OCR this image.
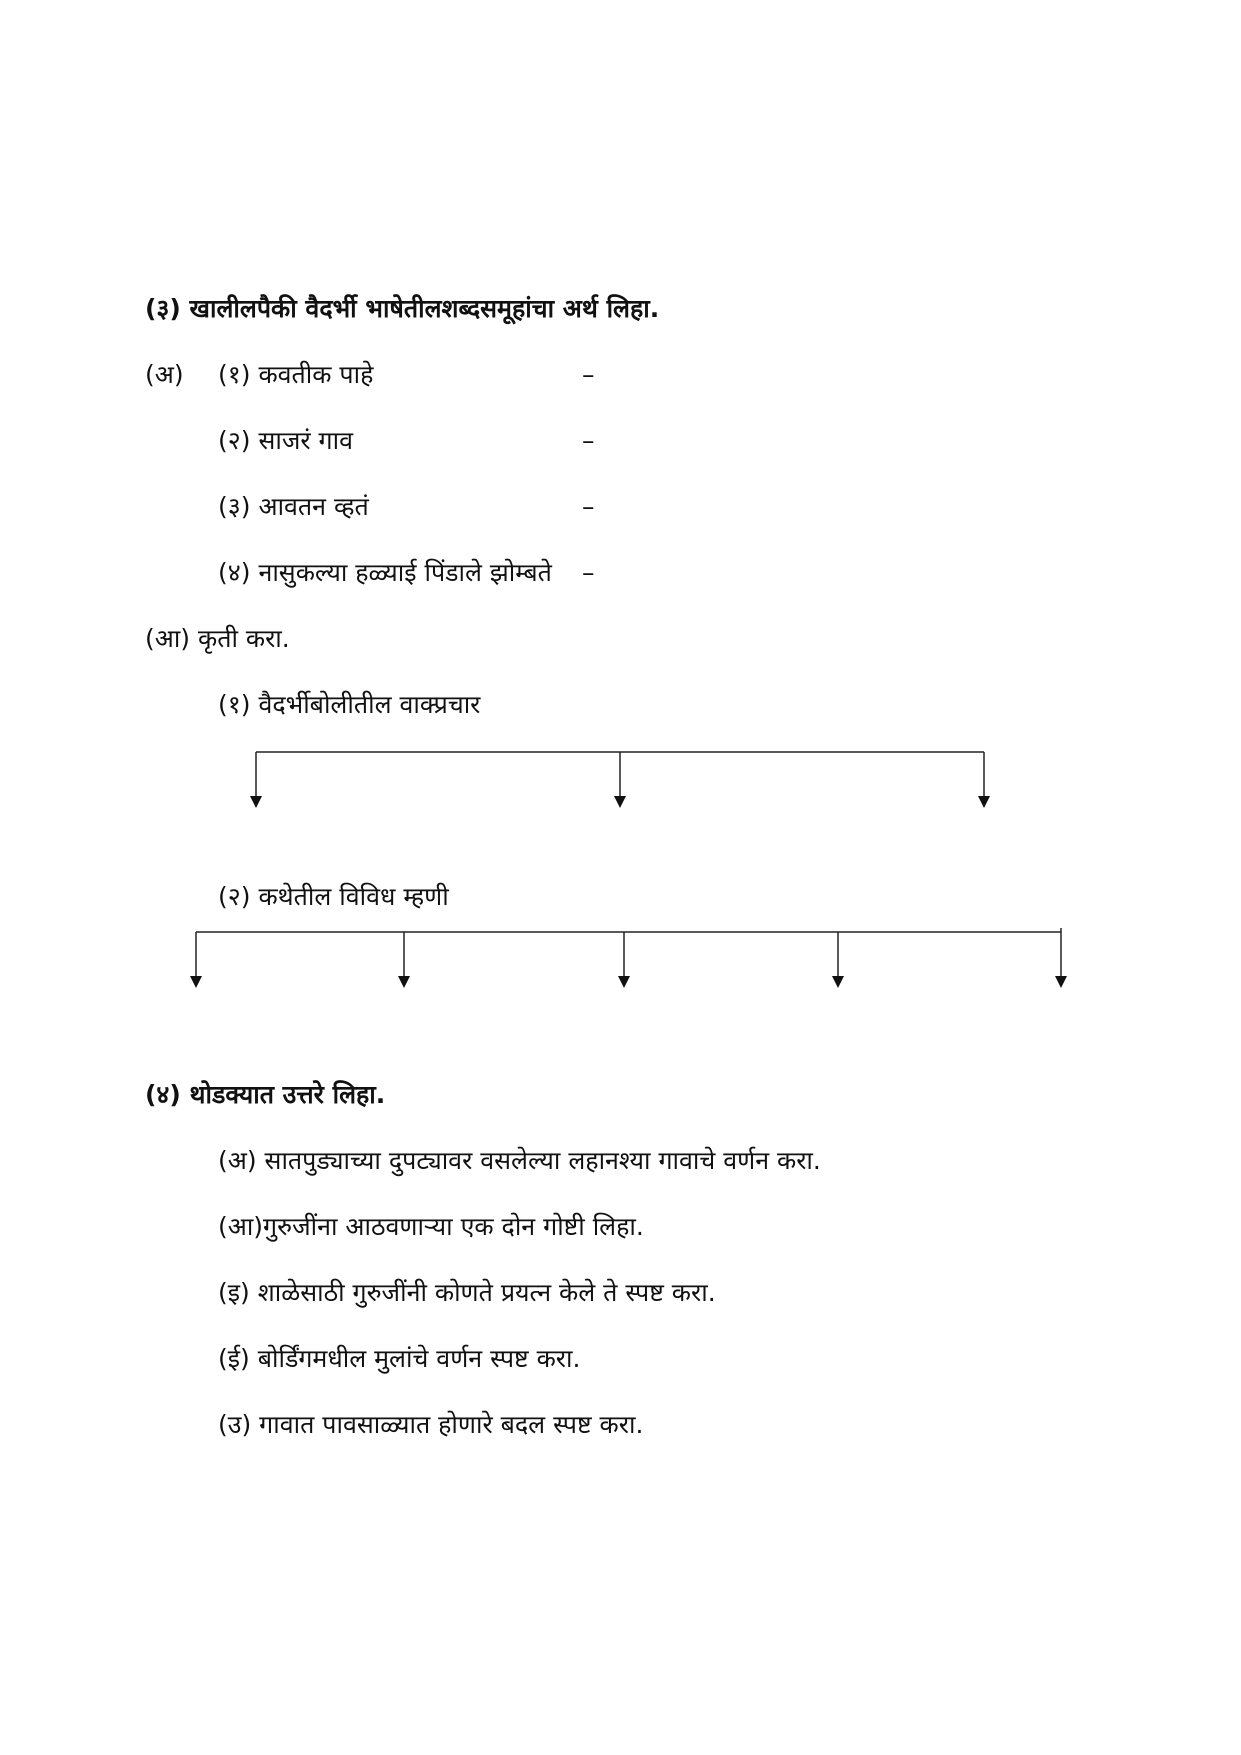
(३) खालीलपैकी वैदर्भी भाषेतीलशब्दसमूहांचा अर्थ लिहा.
(अ) (१) कवतीक पाहे	–
(२) साजरं गाव	–
(३) आवतन व्हतं	–
(४) नासुकल्या हळ्याई पिंडाले झोम्बते –
(आ) कृती करा.
(१) वैदर्भीबोलीतील वाक्प्रचार
(२) कथेतील विविध म्हणी
(४) थोडक्यात उत्तरे लिहा.
(अ) सातपुड्याच्या दुपट्यावर वसलेल्या लहानश्या गावाचे वर्णन करा.
(आ)गुरुजींना आठवणाऱ्या एक दोन गोष्टी लिहा.
(इ) शाळेसाठी गुरुजींनी कोणते प्रयत्न केले ते स्पष्ट करा.
(ई) बोर्डिंगमधील मुलांचे वर्णन स्पष्ट करा.
(उ) गावात पावसाळ्यात होणारे बदल स्पष्ट करा.
